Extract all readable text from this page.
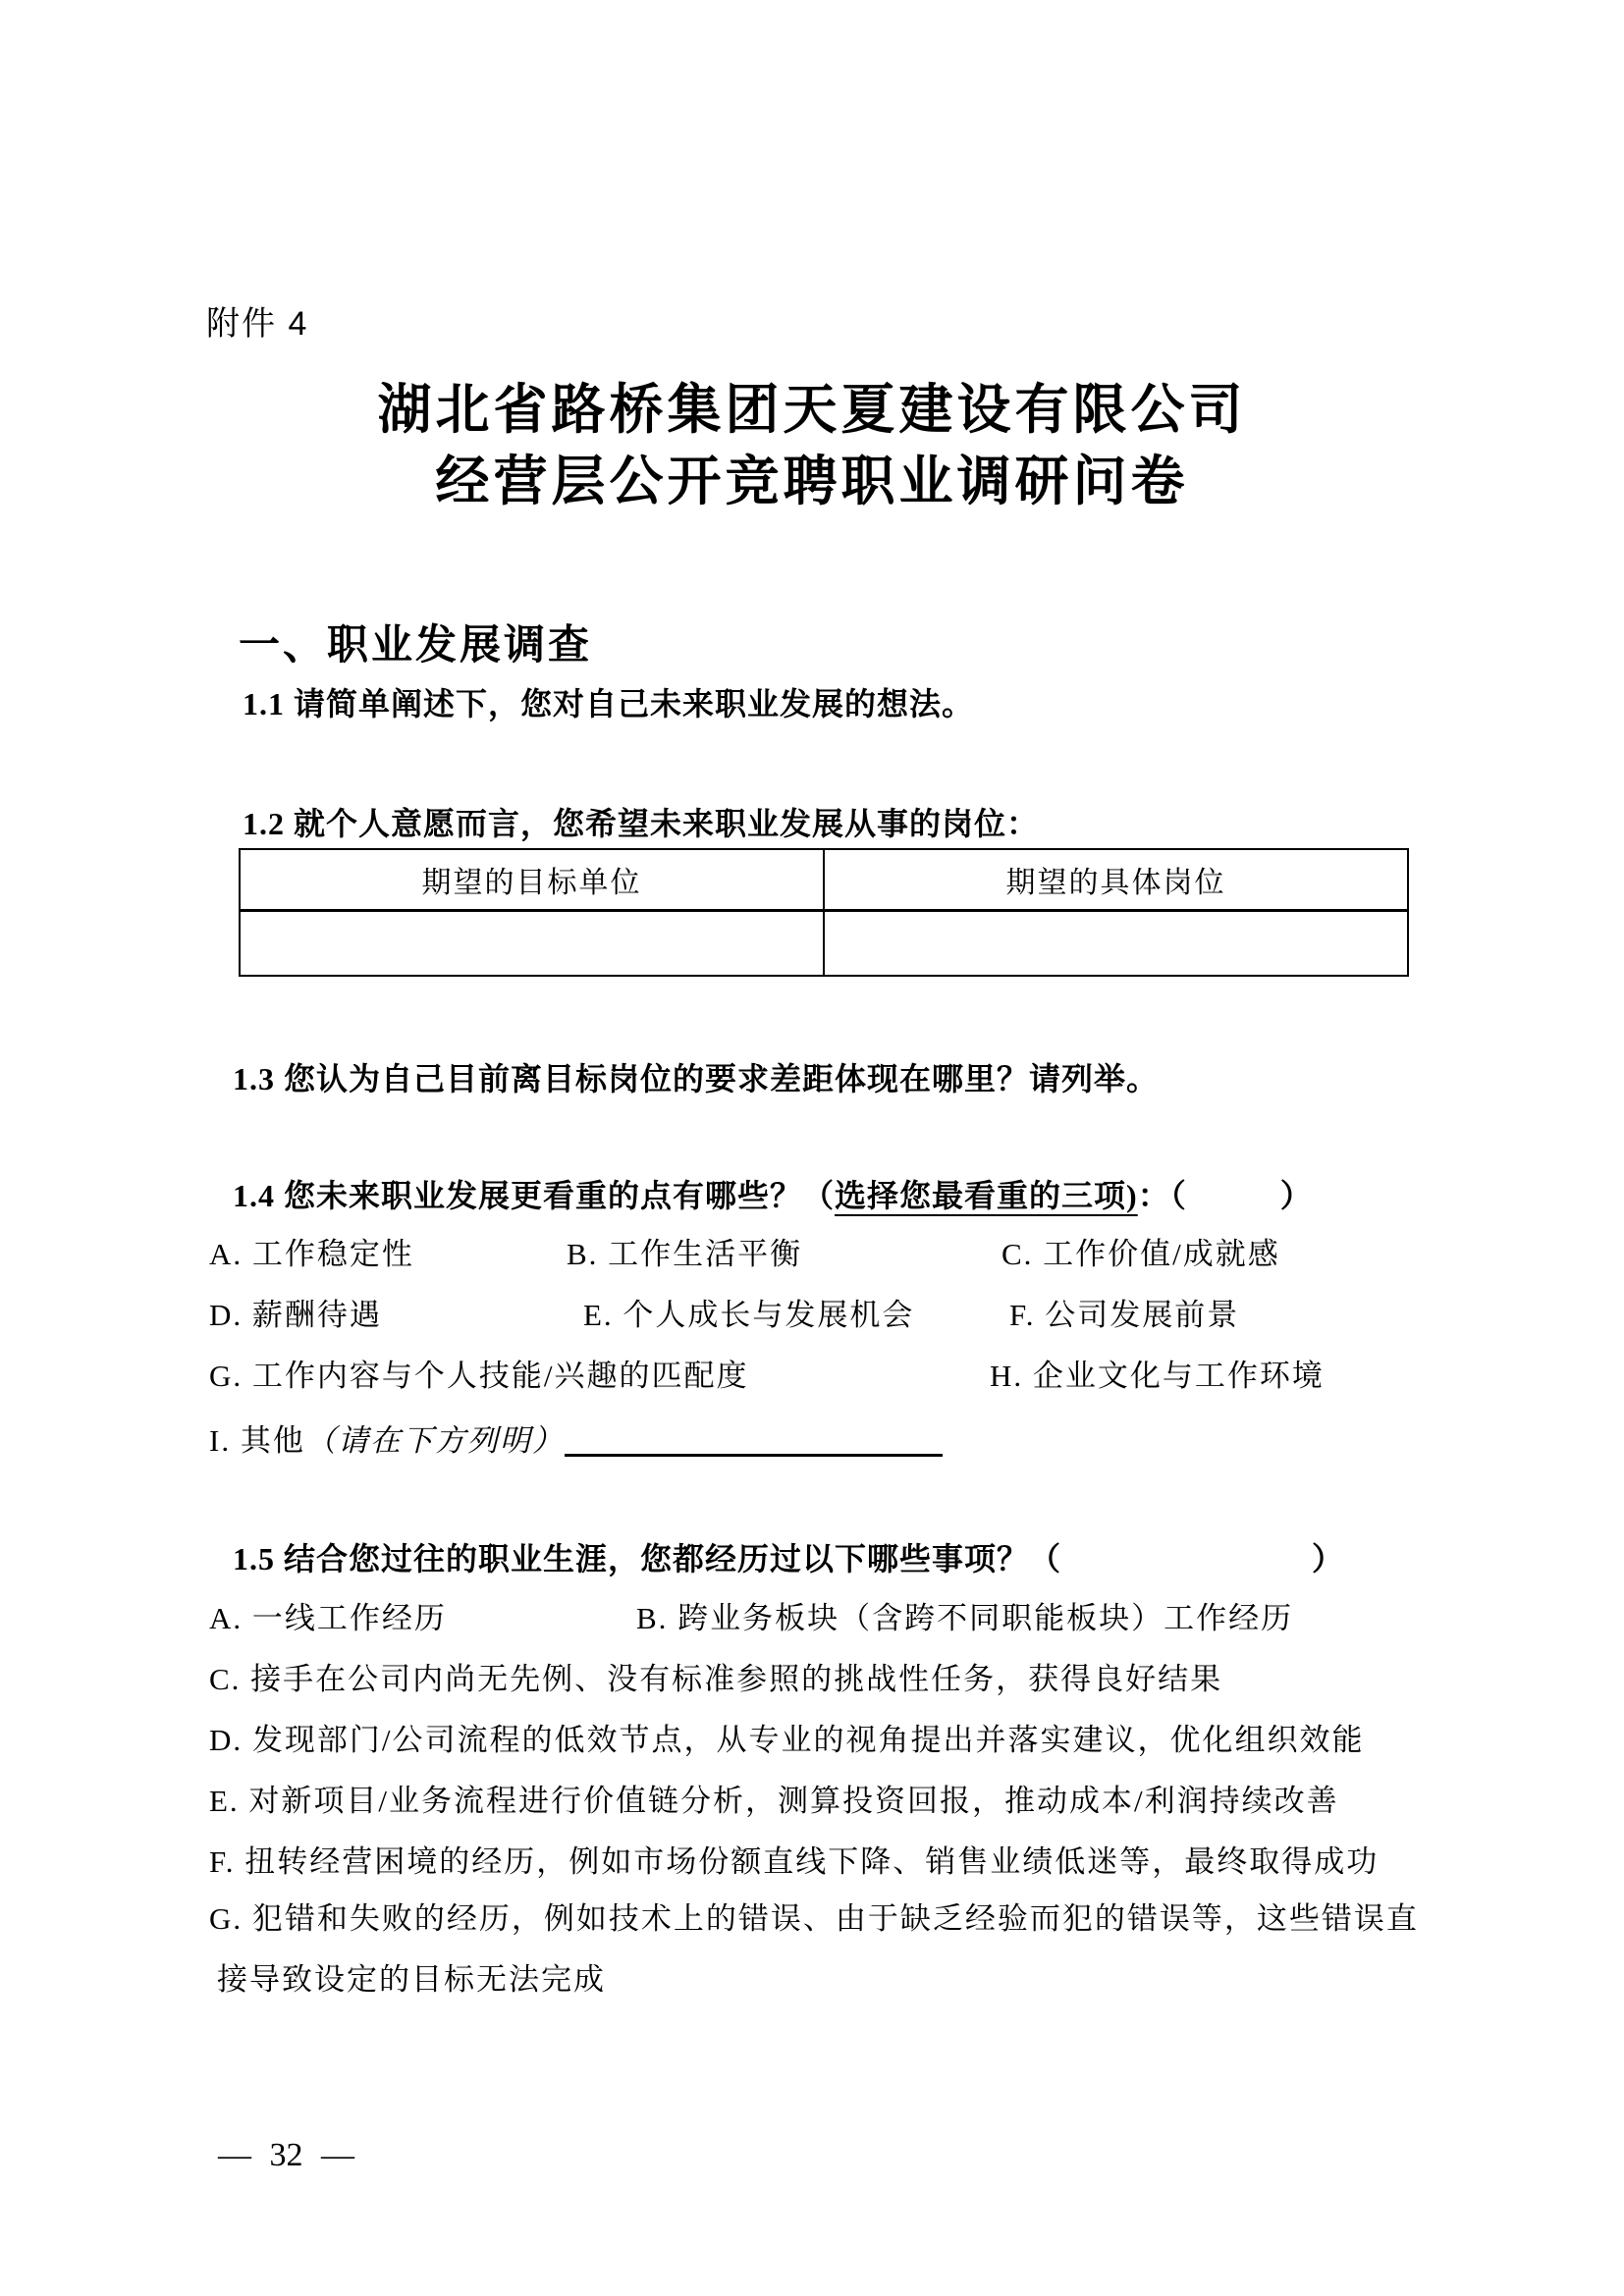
附件 4
湖北省路桥集团天夏建设有限公司
经营层公开竞聘职业调研问卷
一、职业发展调查
1.1 请简单阐述下，您对自己未来职业发展的想法。
1.2 就个人意愿而言，您希望未来职业发展从事的岗位：
期望的目标单位	期望的具体岗位

1.3 您认为自己目前离目标岗位的要求差距体现在哪里？请列举。
1.4 您未来职业发展更看重的点有哪些？（选择您最看重的三项)：（	）
A. 工作稳定性	B. 工作生活平衡	C. 工作价值/成就感
D. 薪酬待遇	E. 个人成长与发展机会	F. 公司发展前景
G. 工作内容与个人技能/兴趣的匹配度	H. 企业文化与工作环境
I. 其他（请在下方列明）
1.5 结合您过往的职业生涯，您都经历过以下哪些事项？（	）
A. 一线工作经历	B. 跨业务板块（含跨不同职能板块）工作经历
C. 接手在公司内尚无先例、没有标准参照的挑战性任务，获得良好结果
D. 发现部门/公司流程的低效节点，从专业的视角提出并落实建议，优化组织效能
E. 对新项目/业务流程进行价值链分析，测算投资回报，推动成本/利润持续改善
F. 扭转经营困境的经历，例如市场份额直线下降、销售业绩低迷等，最终取得成功
G. 犯错和失败的经历，例如技术上的错误、由于缺乏经验而犯的错误等，这些错误直
接导致设定的目标无法完成
— 32 —
